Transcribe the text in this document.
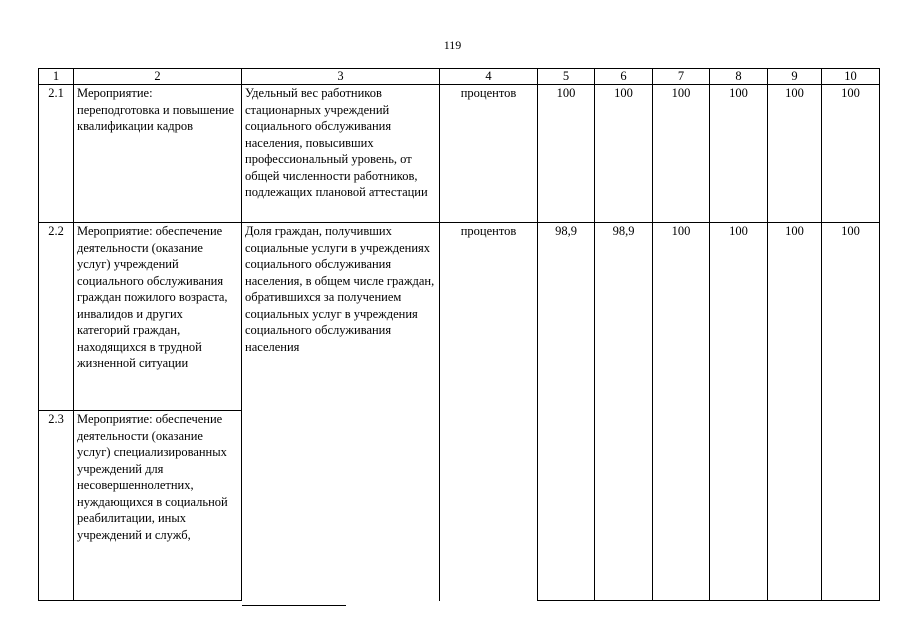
119
1	2	3	4	5	6	7	8	9	10
2.1	Мероприятие: переподготовка и повышение квалификации кадров	Удельный вес работников стационарных учреждений социального обслуживания населения, повысивших профессиональный уровень, от общей численности работников, подлежащих плановой аттестации	процентов	100	100	100	100	100	100
2.2	Мероприятие: обеспечение деятельности (оказание услуг) учреждений социального обслуживания граждан пожилого возраста, инвалидов и других категорий граждан, находящихся в трудной жизненной ситуации	Доля граждан, получивших социальные услуги в учреждениях социального обслуживания населения, в общем числе граждан, обратившихся за получением социальных услуг в учреждения социального обслуживания населения	процентов	98,9	98,9	100	100	100	100
2.3	Мероприятие: обеспечение деятельности (оказание услуг) специализированных учреждений для несовершеннолетних, нуждающихся в социальной реабилитации, иных учреждений и служб,								
